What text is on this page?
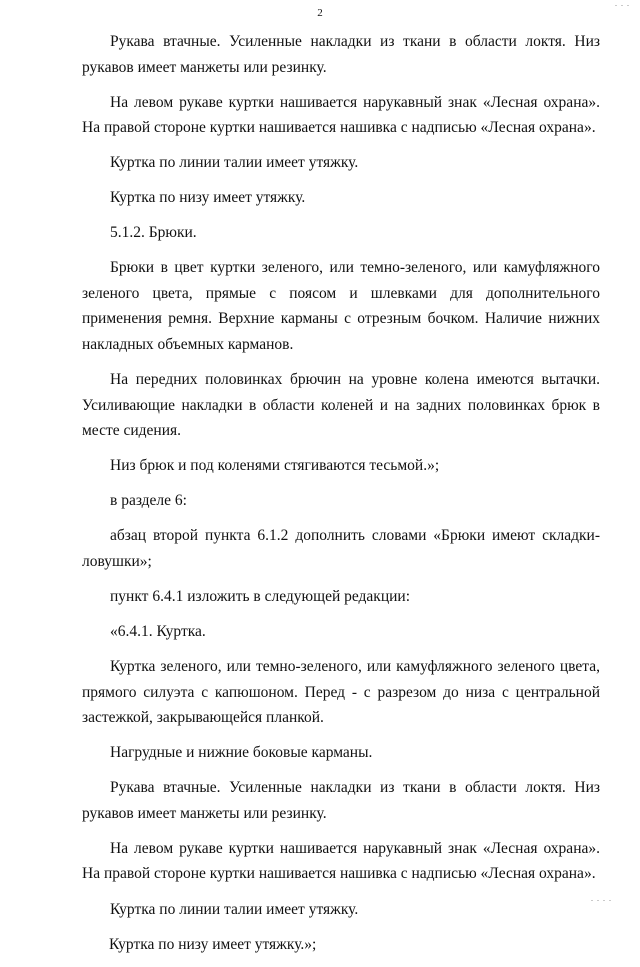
. . .
2

Рукава втачные. Усиленные накладки из ткани в области локтя. Низ рукавов имеет манжеты или резинку.

На левом рукаве куртки нашивается нарукавный знак «Лесная охрана». На правой стороне куртки нашивается нашивка с надписью «Лесная охрана».

Куртка по линии талии имеет утяжку.

Куртка по низу имеет утяжку.

5.1.2. Брюки.

Брюки в цвет куртки зеленого, или темно-зеленого, или камуфляжного зеленого цвета, прямые с поясом и шлевками для дополнительного применения ремня. Верхние карманы с отрезным бочком. Наличие нижних накладных объемных карманов.

На передних половинках брючин на уровне колена имеются вытачки. Усиливающие накладки в области коленей и на задних половинках брюк в месте сидения.

Низ брюк и под коленями стягиваются тесьмой.»;

в разделе 6:

абзац второй пункта 6.1.2 дополнить словами «Брюки имеют складки-ловушки»;

пункт 6.4.1 изложить в следующей редакции:

«6.4.1. Куртка.

Куртка зеленого, или темно-зеленого, или камуфляжного зеленого цвета, прямого силуэта с капюшоном. Перед - с разрезом до низа с центральной застежкой, закрывающейся планкой.

Нагрудные и нижние боковые карманы.

Рукава втачные. Усиленные накладки из ткани в области локтя. Низ рукавов имеет манжеты или резинку.

На левом рукаве куртки нашивается нарукавный знак «Лесная охрана». На правой стороне куртки нашивается нашивка с надписью «Лесная охрана».

Куртка по линии талии имеет утяжку.

Куртка по низу имеет утяжку.»;

. . . .
